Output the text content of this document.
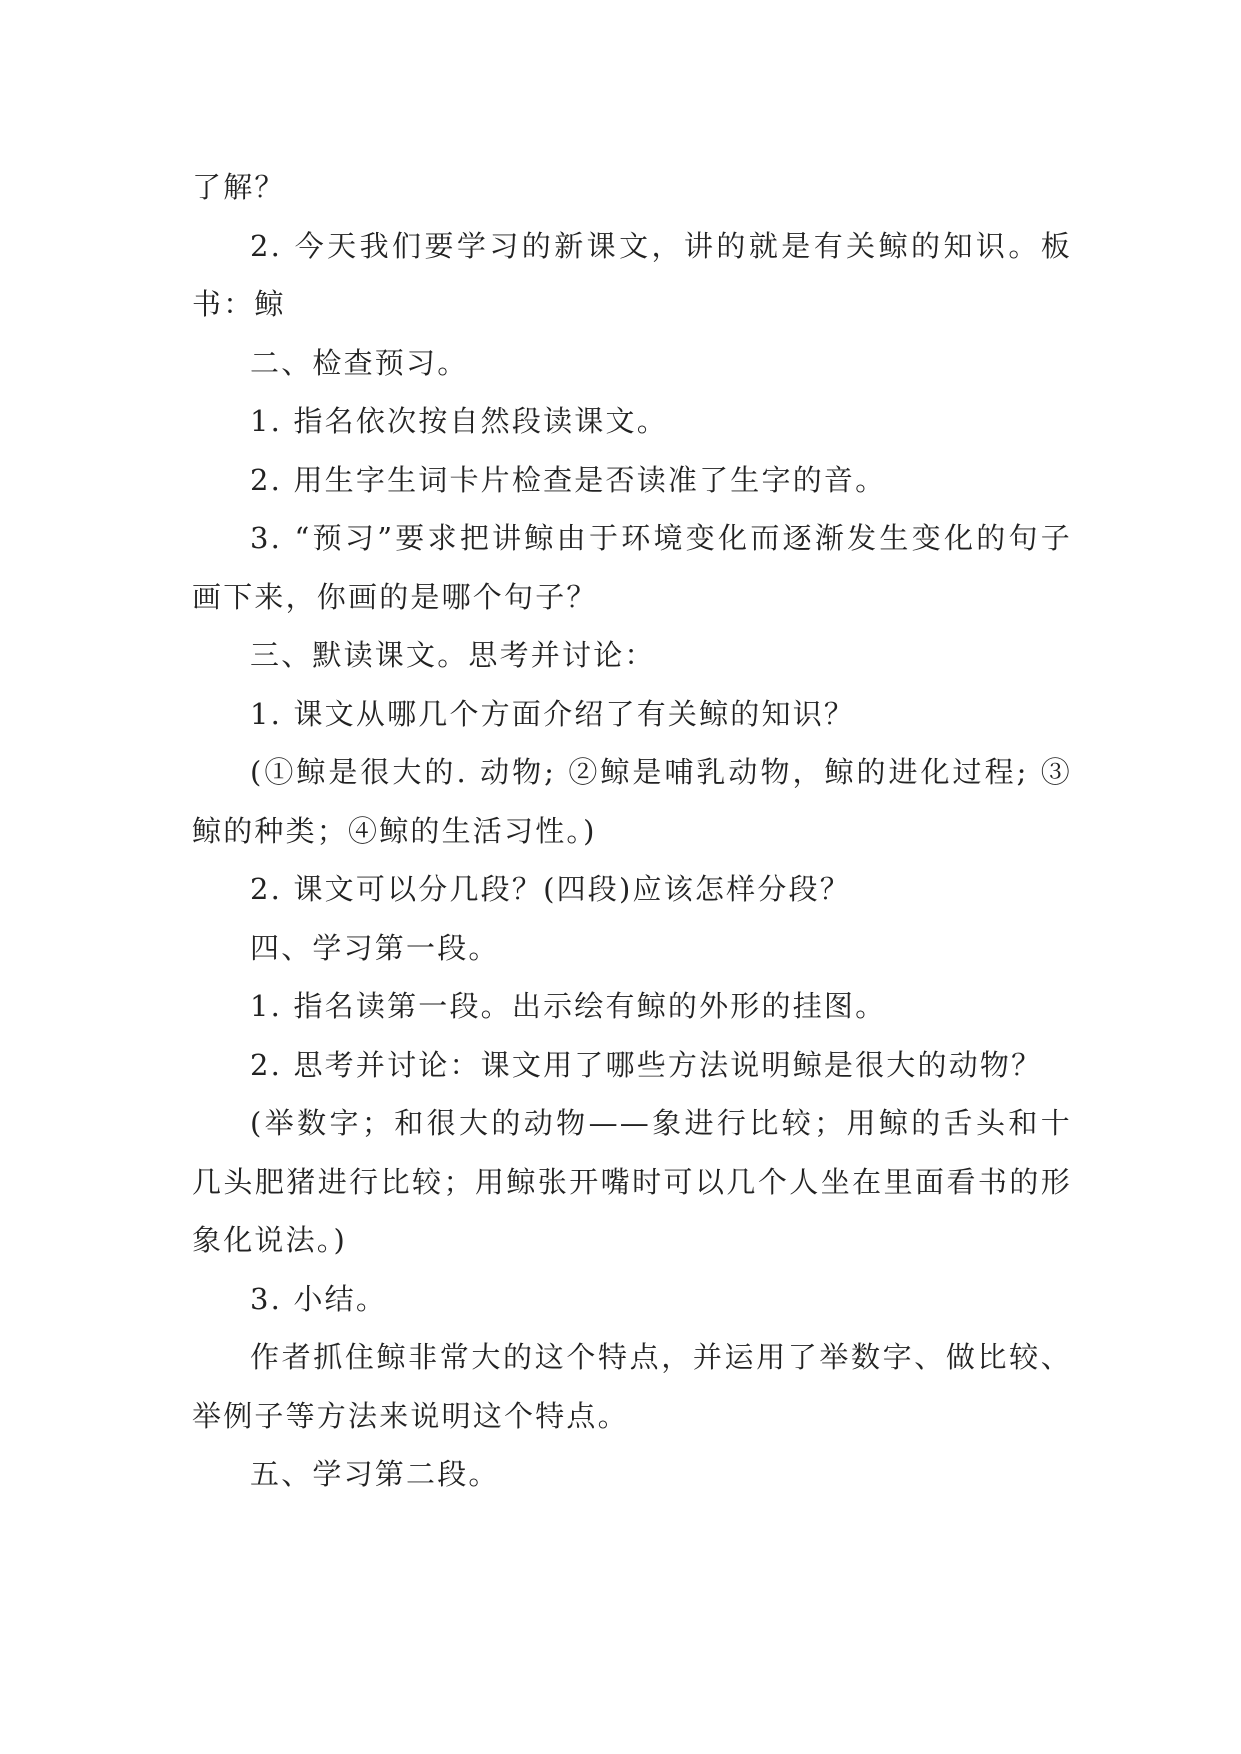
了解？

2. 今天我们要学习的新课文，讲的就是有关鲸的知识。板书：鲸

二、检查预习。

1. 指名依次按自然段读课文。

2. 用生字生词卡片检查是否读准了生字的音。

3. “预习”要求把讲鲸由于环境变化而逐渐发生变化的句子画下来，你画的是哪个句子？

三、默读课文。思考并讨论：

1. 课文从哪几个方面介绍了有关鲸的知识？

(①鲸是很大的. 动物; ②鲸是哺乳动物，鲸的进化过程; ③鲸的种类；④鲸的生活习性。)

2. 课文可以分几段？(四段)应该怎样分段？

四、学习第一段。

1. 指名读第一段。出示绘有鲸的外形的挂图。

2. 思考并讨论：课文用了哪些方法说明鲸是很大的动物？

(举数字；和很大的动物——象进行比较；用鲸的舌头和十几头肥猪进行比较；用鲸张开嘴时可以几个人坐在里面看书的形象化说法。)

3. 小结。

作者抓住鲸非常大的这个特点，并运用了举数字、做比较、举例子等方法来说明这个特点。

五、学习第二段。
